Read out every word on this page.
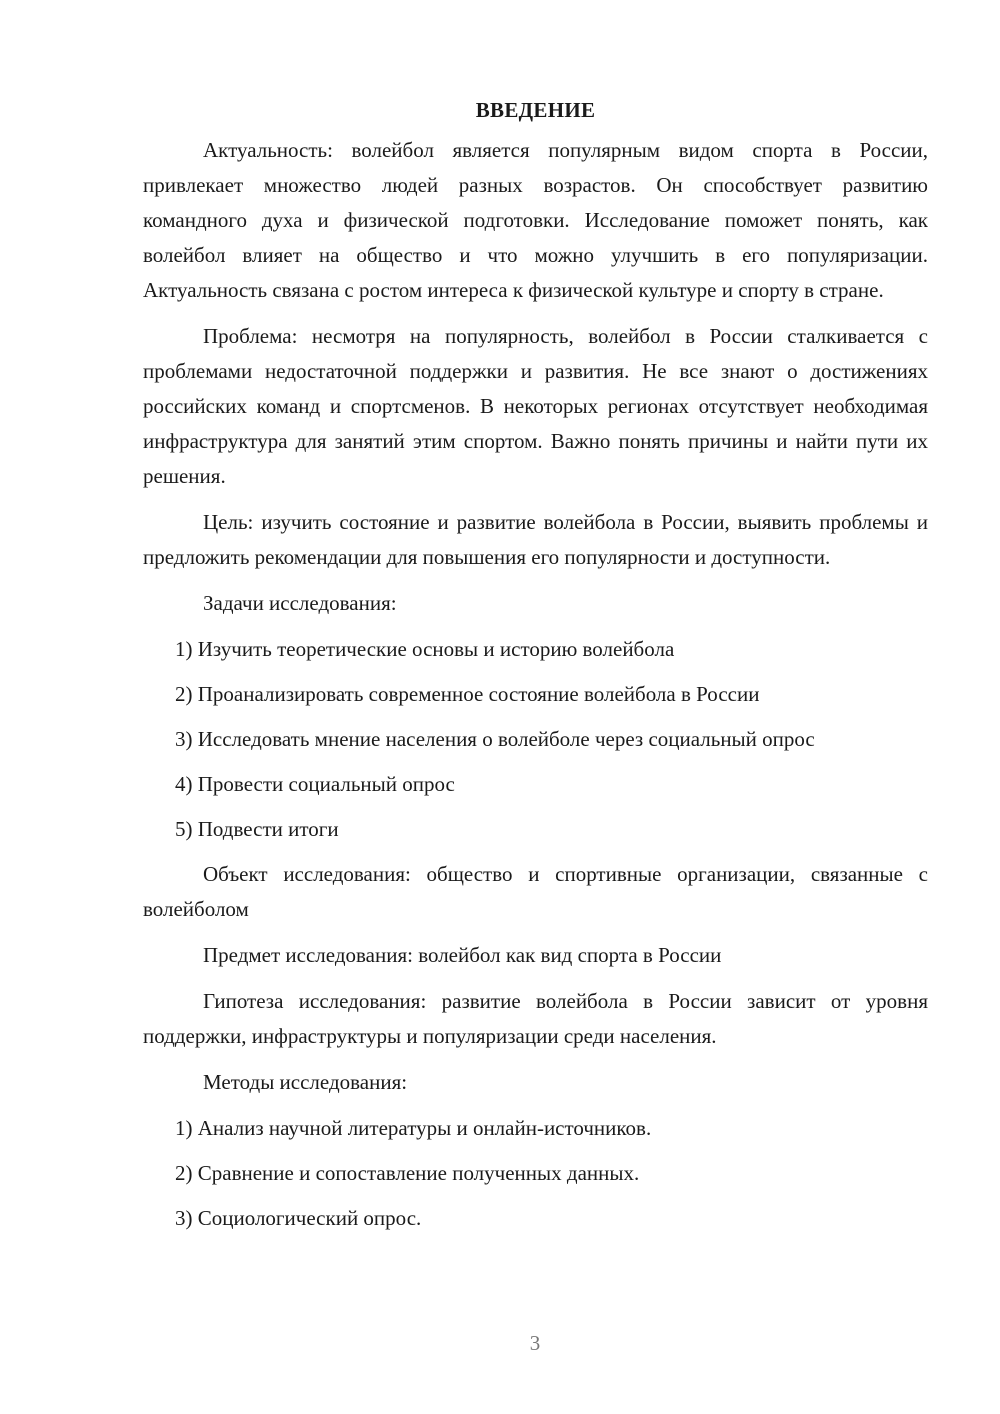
ВВЕДЕНИЕ

Актуальность: волейбол является популярным видом спорта в России, привлекает множество людей разных возрастов. Он способствует развитию командного духа и физической подготовки. Исследование поможет понять, как волейбол влияет на общество и что можно улучшить в его популяризации. Актуальность связана с ростом интереса к физической культуре и спорту в стране.

Проблема: несмотря на популярность, волейбол в России сталкивается с проблемами недостаточной поддержки и развития. Не все знают о достижениях российских команд и спортсменов. В некоторых регионах отсутствует необходимая инфраструктура для занятий этим спортом. Важно понять причины и найти пути их решения.

Цель: изучить состояние и развитие волейбола в России, выявить проблемы и предложить рекомендации для повышения его популярности и доступности.

Задачи исследования:

1) Изучить теоретические основы и историю волейбола
2) Проанализировать современное состояние волейбола в России
3) Исследовать мнение населения о волейболе через социальный опрос
4) Провести социальный опрос
5) Подвести итоги

Объект исследования: общество и спортивные организации, связанные с волейболом

Предмет исследования: волейбол как вид спорта в России

Гипотеза исследования: развитие волейбола в России зависит от уровня поддержки, инфраструктуры и популяризации среди населения.

Методы исследования:

1) Анализ научной литературы и онлайн-источников.
2) Сравнение и сопоставление полученных данных.
3) Социологический опрос.
3
